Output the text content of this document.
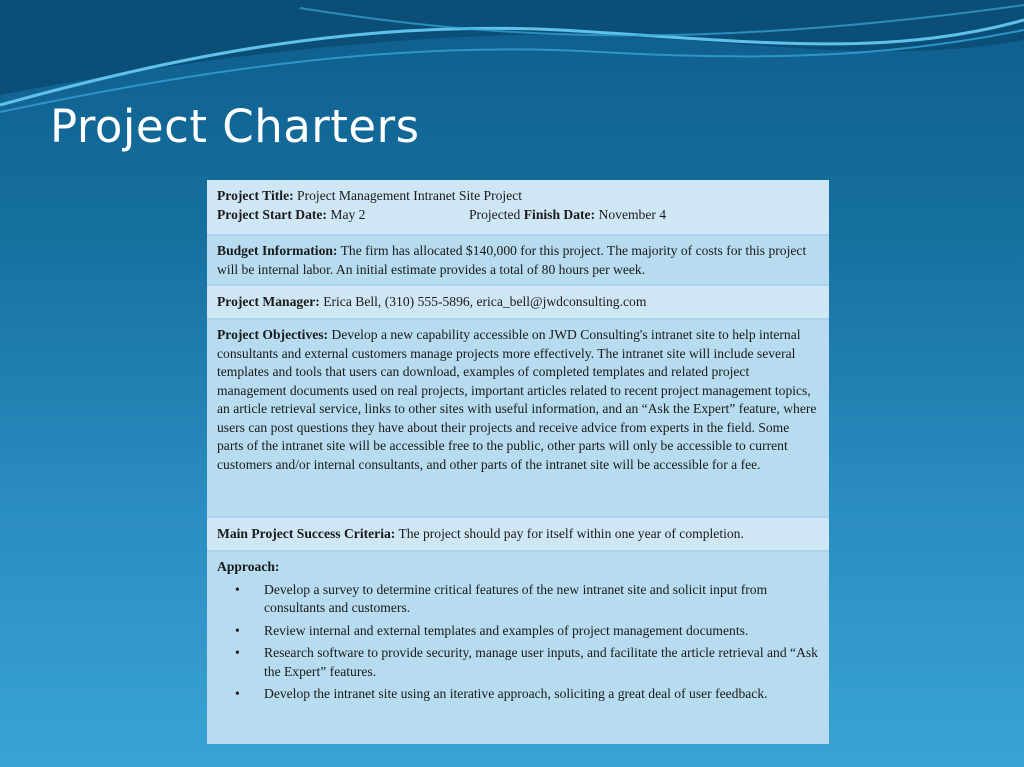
Project Charters
Project Title: Project Management Intranet Site Project
Project Start Date: May 2	Projected Finish Date: November 4
Budget Information: The firm has allocated $140,000 for this project. The majority of costs for this project will be internal labor. An initial estimate provides a total of 80 hours per week.
Project Manager: Erica Bell, (310) 555-5896, erica_bell@jwdconsulting.com
Project Objectives: Develop a new capability accessible on JWD Consulting's intranet site to help internal consultants and external customers manage projects more effectively. The intranet site will include several templates and tools that users can download, examples of completed templates and related project management documents used on real projects, important articles related to recent project management topics, an article retrieval service, links to other sites with useful information, and an “Ask the Expert” feature, where users can post questions they have about their projects and receive advice from experts in the field. Some parts of the intranet site will be accessible free to the public, other parts will only be accessible to current customers and/or internal consultants, and other parts of the intranet site will be accessible for a fee.
Main Project Success Criteria: The project should pay for itself within one year of completion.
Approach:
• Develop a survey to determine critical features of the new intranet site and solicit input from consultants and customers.
• Review internal and external templates and examples of project management documents.
• Research software to provide security, manage user inputs, and facilitate the article retrieval and “Ask the Expert” features.
• Develop the intranet site using an iterative approach, soliciting a great deal of user feedback.
